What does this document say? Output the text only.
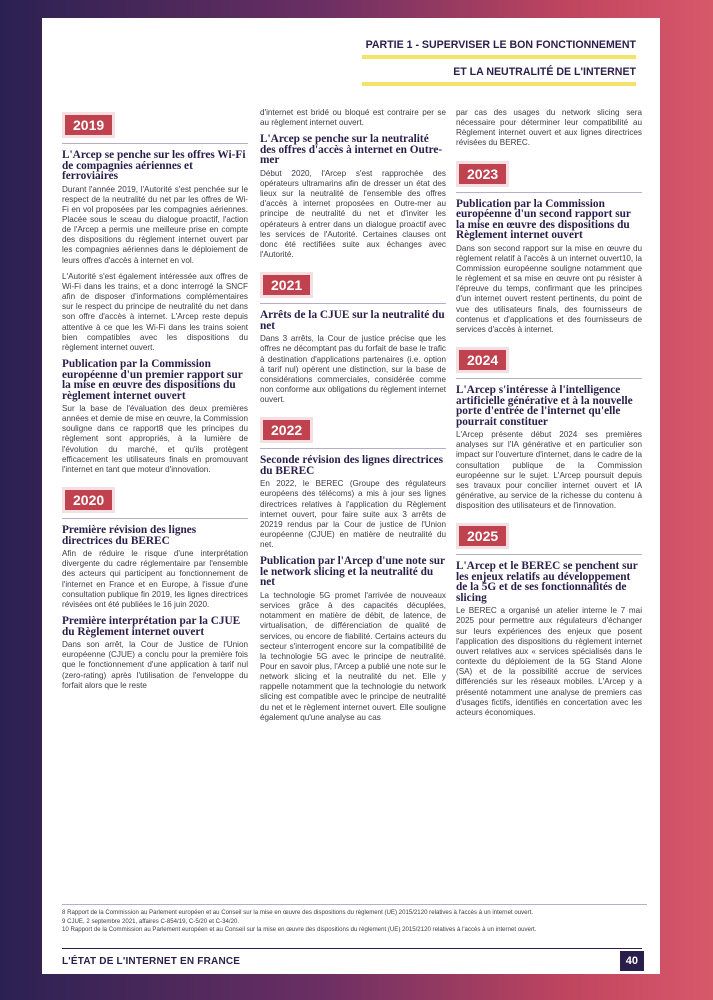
PARTIE 1 - SUPERVISER LE BON FONCTIONNEMENT
ET LA NEUTRALITÉ DE L'INTERNET
2019
L'Arcep se penche sur les offres Wi-Fi de compagnies aériennes et ferroviaires

Durant l'année 2019, l'Autorité s'est penchée sur le respect de la neutralité du net par les offres de Wi-Fi en vol proposées par les compagnies aériennes. Placée sous le sceau du dialogue proactif, l'action de l'Arcep a permis une meilleure prise en compte des dispositions du règlement internet ouvert par les compagnies aériennes dans le déploiement de leurs offres d'accès à internet en vol.

L'Autorité s'est également intéressée aux offres de Wi-Fi dans les trains, et a donc interrogé la SNCF afin de disposer d'informations complémentaires sur le respect du principe de neutralité du net dans son offre d'accès à internet. L'Arcep reste depuis attentive à ce que les Wi-Fi dans les trains soient bien compatibles avec les dispositions du règlement internet ouvert.

Publication par la Commission européenne d'un premier rapport sur la mise en œuvre des dispositions du règlement internet ouvert

Sur la base de l'évaluation des deux premières années et demie de mise en œuvre, la Commission souligne dans ce rapport8 que les principes du règlement sont appropriés, à la lumière de l'évolution du marché, et qu'ils protègent efficacement les utilisateurs finals en promouvant l'internet en tant que moteur d'innovation.

2020
Première révision des lignes directrices du BEREC

Afin de réduire le risque d'une interprétation divergente du cadre réglementaire par l'ensemble des acteurs qui participent au fonctionnement de l'internet en France et en Europe, à l'issue d'une consultation publique fin 2019, les lignes directrices révisées ont été publiées le 16 juin 2020.

Première interprétation par la CJUE du Règlement internet ouvert

Dans son arrêt, la Cour de Justice de l'Union européenne (CJUE) a conclu pour la première fois que le fonctionnement d'une application à tarif nul (zero-rating) après l'utilisation de l'enveloppe du forfait alors que le reste

d'internet est bridé ou bloqué est contraire per se au règlement internet ouvert.

L'Arcep se penche sur la neutralité des offres d'accès à internet en Outre-mer

Début 2020, l'Arcep s'est rapprochée des opérateurs ultramarins afin de dresser un état des lieux sur la neutralité de l'ensemble des offres d'accès à internet proposées en Outre-mer au principe de neutralité du net et d'inviter les opérateurs à entrer dans un dialogue proactif avec les services de l'Autorité. Certaines clauses ont donc été rectifiées suite aux échanges avec l'Autorité.

2021
Arrêts de la CJUE sur la neutralité du net

Dans 3 arrêts, la Cour de justice précise que les offres ne décomptant pas du forfait de base le trafic à destination d'applications partenaires (i.e. option à tarif nul) opèrent une distinction, sur la base de considérations commerciales, considérée comme non conforme aux obligations du règlement internet ouvert.

2022
Seconde révision des lignes directrices du BEREC

En 2022, le BEREC (Groupe des régulateurs européens des télécoms) a mis à jour ses lignes directrices relatives à l'application du Règlement internet ouvert, pour faire suite aux 3 arrêts de 20219 rendus par la Cour de justice de l'Union européenne (CJUE) en matière de neutralité du net.

Publication par l'Arcep d'une note sur le network slicing et la neutralité du net

La technologie 5G promet l'arrivée de nouveaux services grâce à des capacités décuplées, notamment en matière de débit, de latence, de virtualisation, de différenciation de qualité de services, ou encore de fiabilité. Certains acteurs du secteur s'interrogent encore sur la compatibilité de la technologie 5G avec le principe de neutralité. Pour en savoir plus, l'Arcep a publié une note sur le network slicing et la neutralité du net. Elle y rappelle notamment que la technologie du network slicing est compatible avec le principe de neutralité du net et le règlement internet ouvert. Elle souligne également qu'une analyse au cas

par cas des usages du network slicing sera nécessaire pour déterminer leur compatibilité au Règlement internet ouvert et aux lignes directrices révisées du BEREC.

2023
Publication par la Commission européenne d'un second rapport sur la mise en œuvre des dispositions du Règlement internet ouvert

Dans son second rapport sur la mise en œuvre du règlement relatif à l'accès à un internet ouvert10, la Commission européenne souligne notamment que le règlement et sa mise en œuvre ont pu résister à l'épreuve du temps, confirmant que les principes d'un internet ouvert restent pertinents, du point de vue des utilisateurs finals, des fournisseurs de contenus et d'applications et des fournisseurs de services d'accès à internet.

2024
L'Arcep s'intéresse à l'intelligence artificielle générative et à la nouvelle porte d'entrée de l'internet qu'elle pourrait constituer

L'Arcep présente début 2024 ses premières analyses sur l'IA générative et en particulier son impact sur l'ouverture d'internet, dans le cadre de la consultation publique de la Commission européenne sur le sujet. L'Arcep poursuit depuis ses travaux pour concilier internet ouvert et IA générative, au service de la richesse du contenu à disposition des utilisateurs et de l'innovation.

2025
L'Arcep et le BEREC se penchent sur les enjeux relatifs au développement de la 5G et de ses fonctionnalités de slicing

Le BEREC a organisé un atelier interne le 7 mai 2025 pour permettre aux régulateurs d'échanger sur leurs expériences des enjeux que posent l'application des dispositions du règlement internet ouvert relatives aux « services spécialisés dans le contexte du déploiement de la 5G Stand Alone (SA) et de la possibilité accrue de services différenciés sur les réseaux mobiles. L'Arcep y a présenté notamment une analyse de premiers cas d'usages fictifs, identifiés en concertation avec les acteurs économiques.

8 Rapport de la Commission au Parlement européen et au Conseil sur la mise en œuvre des dispositions du règlement (UE) 2015/2120 relatives à l'accès à un internet ouvert.
9 CJUE, 2 septembre 2021, affaires C-854/19, C-5/20 et C-34/20.
10 Rapport de la Commission au Parlement européen et au Conseil sur la mise en œuvre des dispositions du règlement (UE) 2015/2120 relatives à l'accès à un internet ouvert.
L'ÉTAT DE L'INTERNET EN FRANCE	40
